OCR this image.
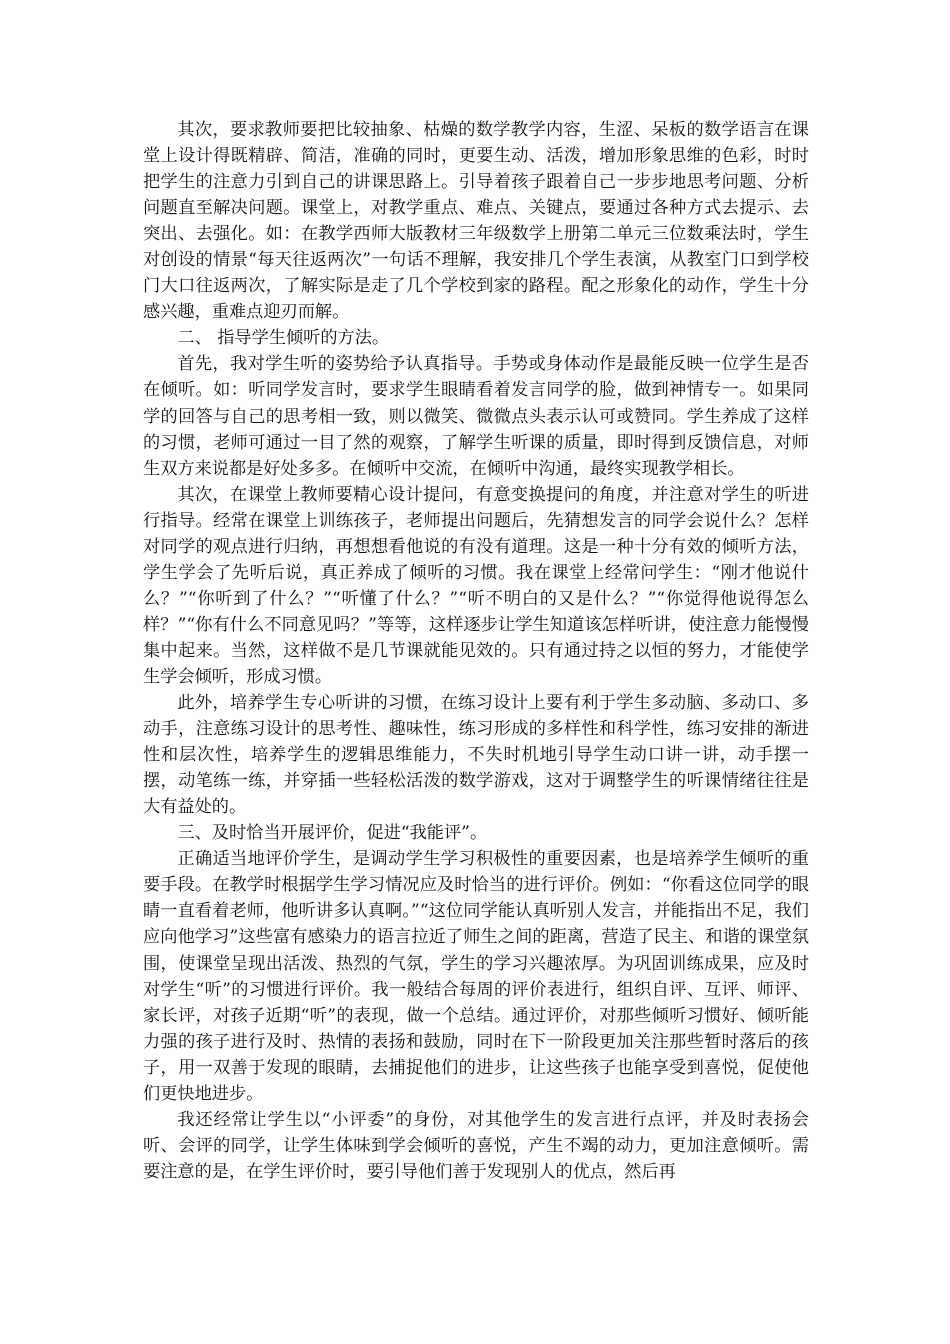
其次，要求教师要把比较抽象、枯燥的数学教学内容，生涩、呆板的数学语言在课堂上设计得既精辟、简洁，准确的同时，更要生动、活泼，增加形象思维的色彩，时时把学生的注意力引到自己的讲课思路上。引导着孩子跟着自己一步步地思考问题、分析问题直至解决问题。课堂上，对教学重点、难点、关键点，要通过各种方式去提示、去突出、去强化。如：在教学西师大版教材三年级数学上册第二单元三位数乘法时，学生对创设的情景“每天往返两次”一句话不理解，我安排几个学生表演，从教室门口到学校门大口往返两次，了解实际是走了几个学校到家的路程。配之形象化的动作，学生十分感兴趣，重难点迎刃而解。

二、 指导学生倾听的方法。

首先，我对学生听的姿势给予认真指导。手势或身体动作是最能反映一位学生是否在倾听。如：听同学发言时，要求学生眼睛看着发言同学的脸，做到神情专一。如果同学的回答与自己的思考相一致，则以微笑、微微点头表示认可或赞同。学生养成了这样的习惯，老师可通过一目了然的观察，了解学生听课的质量，即时得到反馈信息，对师生双方来说都是好处多多。在倾听中交流，在倾听中沟通，最终实现教学相长。

其次，在课堂上教师要精心设计提问，有意变换提问的角度，并注意对学生的听进行指导。经常在课堂上训练孩子，老师提出问题后，先猜想发言的同学会说什么？怎样对同学的观点进行归纳，再想想看他说的有没有道理。这是一种十分有效的倾听方法，学生学会了先听后说，真正养成了倾听的习惯。我在课堂上经常问学生：“刚才他说什么？”“你听到了什么？”“听懂了什么？”“听不明白的又是什么？”“你觉得他说得怎么样？”“你有什么不同意见吗？”等等，这样逐步让学生知道该怎样听讲，使注意力能慢慢集中起来。当然，这样做不是几节课就能见效的。只有通过持之以恒的努力，才能使学生学会倾听，形成习惯。

此外，培养学生专心听讲的习惯，在练习设计上要有利于学生多动脑、多动口、多动手，注意练习设计的思考性、趣味性，练习形成的多样性和科学性，练习安排的渐进性和层次性，培养学生的逻辑思维能力，不失时机地引导学生动口讲一讲，动手摆一摆，动笔练一练，并穿插一些轻松活泼的数学游戏，这对于调整学生的听课情绪往往是大有益处的。

三、及时恰当开展评价，促进“我能评”。

正确适当地评价学生，是调动学生学习积极性的重要因素，也是培养学生倾听的重要手段。在教学时根据学生学习情况应及时恰当的进行评价。例如：“你看这位同学的眼睛一直看着老师，他听讲多认真啊。”“这位同学能认真听别人发言，并能指出不足，我们应向他学习”这些富有感染力的语言拉近了师生之间的距离，营造了民主、和谐的课堂氛围，使课堂呈现出活泼、热烈的气氛，学生的学习兴趣浓厚。为巩固训练成果，应及时对学生“听”的习惯进行评价。我一般结合每周的评价表进行，组织自评、互评、师评、家长评，对孩子近期“听”的表现，做一个总结。通过评价，对那些倾听习惯好、倾听能力强的孩子进行及时、热情的表扬和鼓励，同时在下一阶段更加关注那些暂时落后的孩子，用一双善于发现的眼睛，去捕捉他们的进步，让这些孩子也能享受到喜悦，促使他们更快地进步。

我还经常让学生以“小评委”的身份，对其他学生的发言进行点评，并及时表扬会听、会评的同学，让学生体味到学会倾听的喜悦，产生不竭的动力，更加注意倾听。需要注意的是，在学生评价时，要引导他们善于发现别人的优点，然后再
